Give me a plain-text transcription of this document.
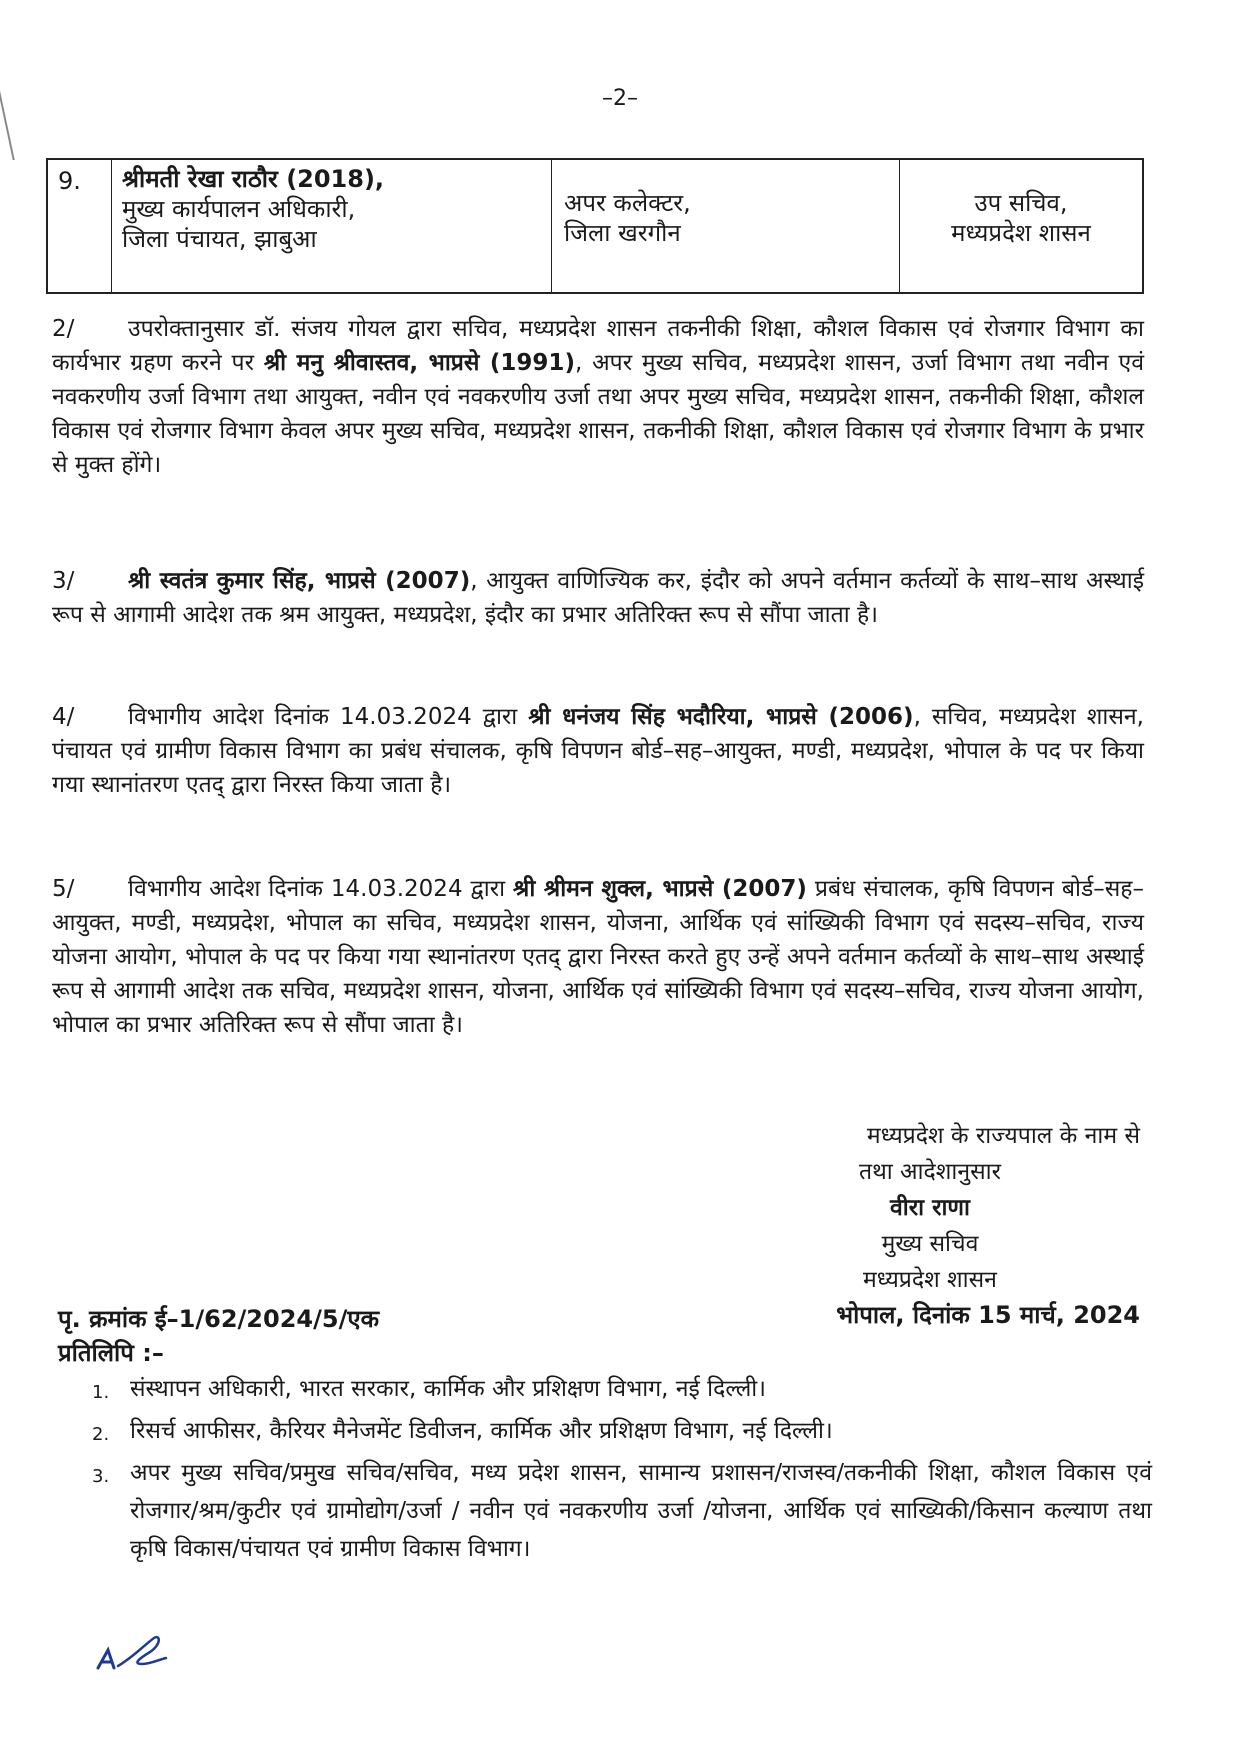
–2–
9.	श्रीमती रेखा राठौर (2018),
मुख्य कार्यपालन अधिकारी,
जिला पंचायत, झाबुआ
अपर कलेक्टर,
जिला खरगौन
उप सचिव,
मध्यप्रदेश शासन
2/ उपरोक्तानुसार डॉ. संजय गोयल द्वारा सचिव, मध्यप्रदेश शासन तकनीकी शिक्षा, कौशल विकास एवं रोजगार विभाग का कार्यभार ग्रहण करने पर श्री मनु श्रीवास्तव, भाप्रसे (1991), अपर मुख्य सचिव, मध्यप्रदेश शासन, उर्जा विभाग तथा नवीन एवं नवकरणीय उर्जा विभाग तथा आयुक्त, नवीन एवं नवकरणीय उर्जा तथा अपर मुख्य सचिव, मध्यप्रदेश शासन, तकनीकी शिक्षा, कौशल विकास एवं रोजगार विभाग केवल अपर मुख्य सचिव, मध्यप्रदेश शासन, तकनीकी शिक्षा, कौशल विकास एवं रोजगार विभाग के प्रभार से मुक्त होंगे।
3/ श्री स्वतंत्र कुमार सिंह, भाप्रसे (2007), आयुक्त वाणिज्यिक कर, इंदौर को अपने वर्तमान कर्तव्यों के साथ–साथ अस्थाई रूप से आगामी आदेश तक श्रम आयुक्त, मध्यप्रदेश, इंदौर का प्रभार अतिरिक्त रूप से सौंपा जाता है।
4/ विभागीय आदेश दिनांक 14.03.2024 द्वारा श्री धनंजय सिंह भदौरिया, भाप्रसे (2006), सचिव, मध्यप्रदेश शासन, पंचायत एवं ग्रामीण विकास विभाग का प्रबंध संचालक, कृषि विपणन बोर्ड–सह–आयुक्त, मण्डी, मध्यप्रदेश, भोपाल के पद पर किया गया स्थानांतरण एतद् द्वारा निरस्त किया जाता है।
5/ विभागीय आदेश दिनांक 14.03.2024 द्वारा श्री श्रीमन शुक्ल, भाप्रसे (2007) प्रबंध संचालक, कृषि विपणन बोर्ड–सह–आयुक्त, मण्डी, मध्यप्रदेश, भोपाल का सचिव, मध्यप्रदेश शासन, योजना, आर्थिक एवं सांख्यिकी विभाग एवं सदस्य–सचिव, राज्य योजना आयोग, भोपाल के पद पर किया गया स्थानांतरण एतद् द्वारा निरस्त करते हुए उन्हें अपने वर्तमान कर्तव्यों के साथ–साथ अस्थाई रूप से आगामी आदेश तक सचिव, मध्यप्रदेश शासन, योजना, आर्थिक एवं सांख्यिकी विभाग एवं सदस्य–सचिव, राज्य योजना आयोग, भोपाल का प्रभार अतिरिक्त रूप से सौंपा जाता है।
मध्यप्रदेश के राज्यपाल के नाम से
तथा आदेशानुसार
वीरा राणा
मुख्य सचिव
मध्यप्रदेश शासन
पृ. क्रमांक ई–1/62/2024/5/एक	भोपाल, दिनांक 15 मार्च, 2024
प्रतिलिपि :–
1. संस्थापन अधिकारी, भारत सरकार, कार्मिक और प्रशिक्षण विभाग, नई दिल्ली।
2. रिसर्च आफीसर, कैरियर मैनेजमेंट डिवीजन, कार्मिक और प्रशिक्षण विभाग, नई दिल्ली।
3. अपर मुख्य सचिव/प्रमुख सचिव/सचिव, मध्य प्रदेश शासन, सामान्य प्रशासन/राजस्व/तकनीकी शिक्षा, कौशल विकास एवं रोजगार/श्रम/कुटीर एवं ग्रामोद्योग/उर्जा / नवीन एवं नवकरणीय उर्जा /योजना, आर्थिक एवं साख्यिकी/किसान कल्याण तथा कृषि विकास/पंचायत एवं ग्रामीण विकास विभाग।
